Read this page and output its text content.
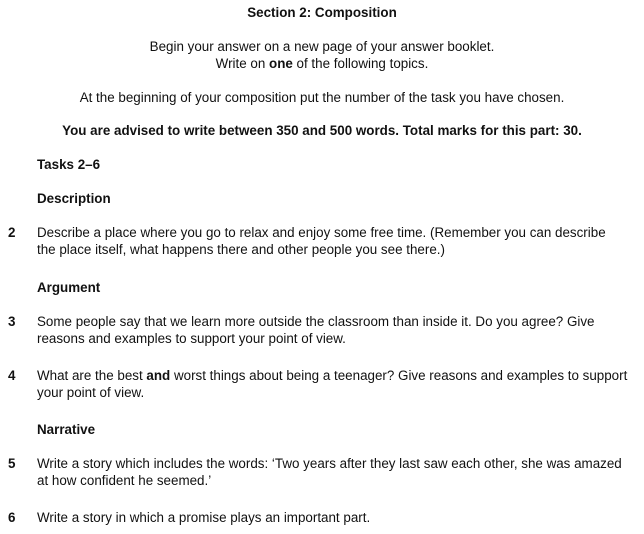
Section 2: Composition
Begin your answer on a new page of your answer booklet.
Write on one of the following topics.
At the beginning of your composition put the number of the task you have chosen.
You are advised to write between 350 and 500 words. Total marks for this part: 30.
Tasks 2–6
Description
2 Describe a place where you go to relax and enjoy some free time. (Remember you can describe
the place itself, what happens there and other people you see there.)
Argument
3 Some people say that we learn more outside the classroom than inside it. Do you agree? Give
reasons and examples to support your point of view.
4 What are the best and worst things about being a teenager? Give reasons and examples to support
your point of view.
Narrative
5 Write a story which includes the words: ‘Two years after they last saw each other, she was amazed
at how confident he seemed.’
6 Write a story in which a promise plays an important part.
